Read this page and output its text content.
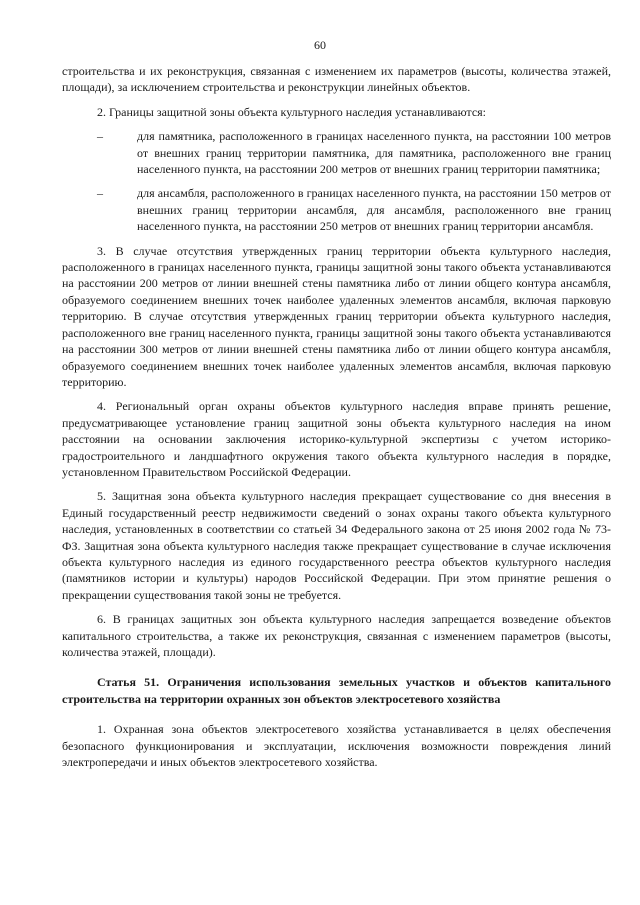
60

строительства и их реконструкция, связанная с изменением их параметров (высоты, количества этажей, площади), за исключением строительства и реконструкции линейных объектов.

2. Границы защитной зоны объекта культурного наследия устанавливаются:

–	для памятника, расположенного в границах населенного пункта, на расстоянии 100 метров от внешних границ территории памятника, для памятника, расположенного вне границ населенного пункта, на расстоянии 200 метров от внешних границ территории памятника;
–	для ансамбля, расположенного в границах населенного пункта, на расстоянии 150 метров от внешних границ территории ансамбля, для ансамбля, расположенного вне границ населенного пункта, на расстоянии 250 метров от внешних границ территории ансамбля.

3. В случае отсутствия утвержденных границ территории объекта культурного наследия, расположенного в границах населенного пункта, границы защитной зоны такого объекта устанавливаются на расстоянии 200 метров от линии внешней стены памятника либо от линии общего контура ансамбля, образуемого соединением внешних точек наиболее удаленных элементов ансамбля, включая парковую территорию. В случае отсутствия утвержденных границ территории объекта культурного наследия, расположенного вне границ населенного пункта, границы защитной зоны такого объекта устанавливаются на расстоянии 300 метров от линии внешней стены памятника либо от линии общего контура ансамбля, образуемого соединением внешних точек наиболее удаленных элементов ансамбля, включая парковую территорию.

4. Региональный орган охраны объектов культурного наследия вправе принять решение, предусматривающее установление границ защитной зоны объекта культурного наследия на ином расстоянии на основании заключения историко-культурной экспертизы с учетом историко-градостроительного и ландшафтного окружения такого объекта культурного наследия в порядке, установленном Правительством Российской Федерации.

5. Защитная зона объекта культурного наследия прекращает существование со дня внесения в Единый государственный реестр недвижимости сведений о зонах охраны такого объекта культурного наследия, установленных в соответствии со статьей 34 Федерального закона от 25 июня 2002 года № 73-ФЗ. Защитная зона объекта культурного наследия также прекращает существование в случае исключения объекта культурного наследия из единого государственного реестра объектов культурного наследия (памятников истории и культуры) народов Российской Федерации. При этом принятие решения о прекращении существования такой зоны не требуется.

6. В границах защитных зон объекта культурного наследия запрещается возведение объектов капитального строительства, а также их реконструкция, связанная с изменением параметров (высоты, количества этажей, площади).

Статья 51. Ограничения использования земельных участков и объектов капитального строительства на территории охранных зон объектов электросетевого хозяйства

1. Охранная зона объектов электросетевого хозяйства устанавливается в целях обеспечения безопасного функционирования и эксплуатации, исключения возможности повреждения линий электропередачи и иных объектов электросетевого хозяйства.
